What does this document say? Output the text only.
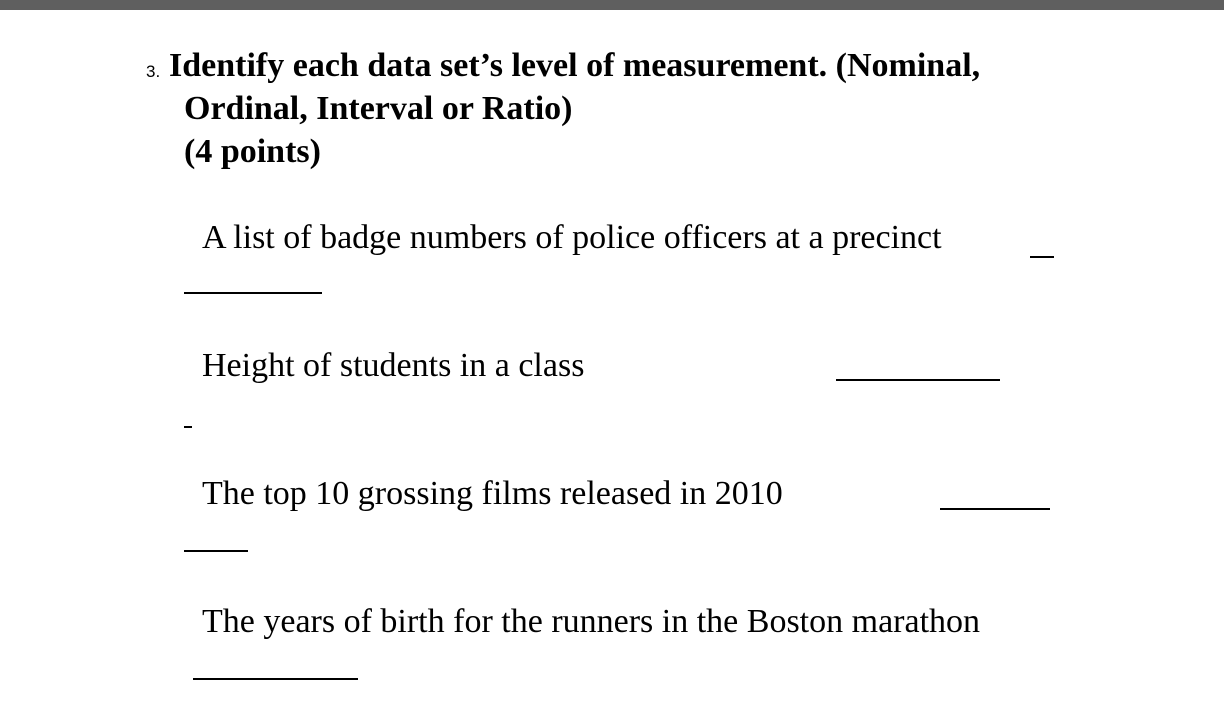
3. Identify each data set’s level of measurement. (Nominal,
Ordinal, Interval or Ratio)
(4 points)
A list of badge numbers of police officers at a precinct
Height of students in a class
The top 10 grossing films released in 2010
The years of birth for the runners in the Boston marathon
